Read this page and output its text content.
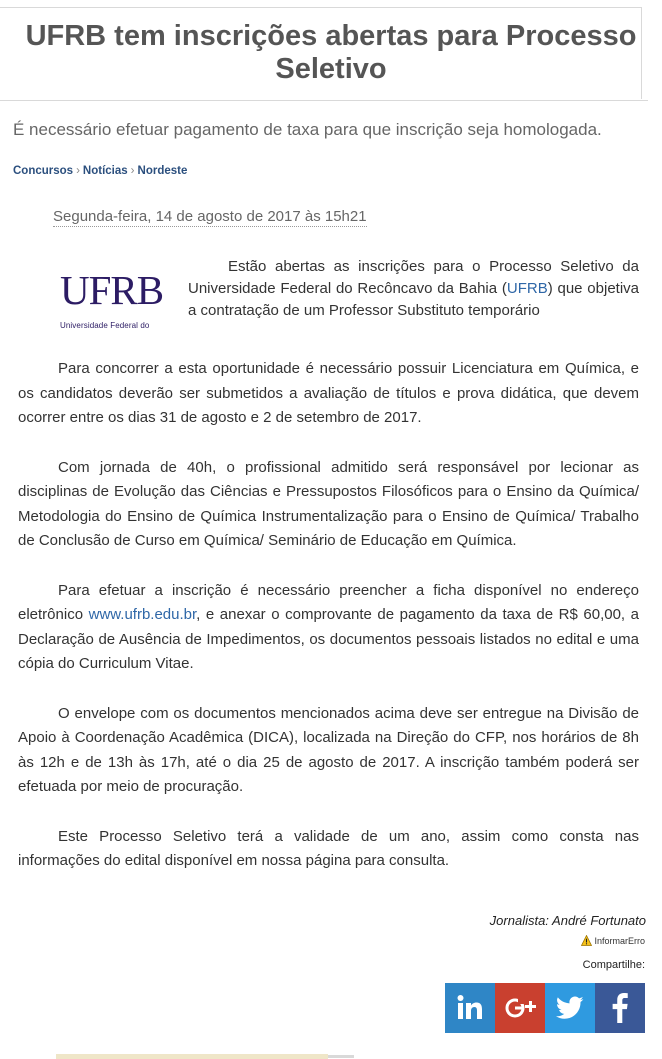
UFRB tem inscrições abertas para Processo Seletivo

É necessário efetuar pagamento de taxa para que inscrição seja homologada.

Concursos › Notícias › Nordeste
Segunda-feira, 14 de agosto de 2017 às 15h21
UFRB
Universidade Federal do

Estão abertas as inscrições para o Processo Seletivo da Universidade Federal do Recôncavo da Bahia (UFRB) que objetiva a contratação de um Professor Substituto temporário

Para concorrer a esta oportunidade é necessário possuir Licenciatura em Química, e os candidatos deverão ser submetidos a avaliação de títulos e prova didática, que devem ocorrer entre os dias 31 de agosto e 2 de setembro de 2017.

Com jornada de 40h, o profissional admitido será responsável por lecionar as disciplinas de Evolução das Ciências e Pressupostos Filosóficos para o Ensino da Química/ Metodologia do Ensino de Química Instrumentalização para o Ensino de Química/ Trabalho de Conclusão de Curso em Química/ Seminário de Educação em Química.

Para efetuar a inscrição é necessário preencher a ficha disponível no endereço eletrônico www.ufrb.edu.br, e anexar o comprovante de pagamento da taxa de R$ 60,00, a Declaração de Ausência de Impedimentos, os documentos pessoais listados no edital e uma cópia do Curriculum Vitae.

O envelope com os documentos mencionados acima deve ser entregue na Divisão de Apoio à Coordenação Acadêmica (DICA), localizada na Direção do CFP, nos horários de 8h às 12h e de 13h às 17h, até o dia 25 de agosto de 2017. A inscrição também poderá ser efetuada por meio de procuração.

Este Processo Seletivo terá a validade de um ano, assim como consta nas informações do edital disponível em nossa página para consulta.

Jornalista: André Fortunato
InformarErro
Compartilhe:
